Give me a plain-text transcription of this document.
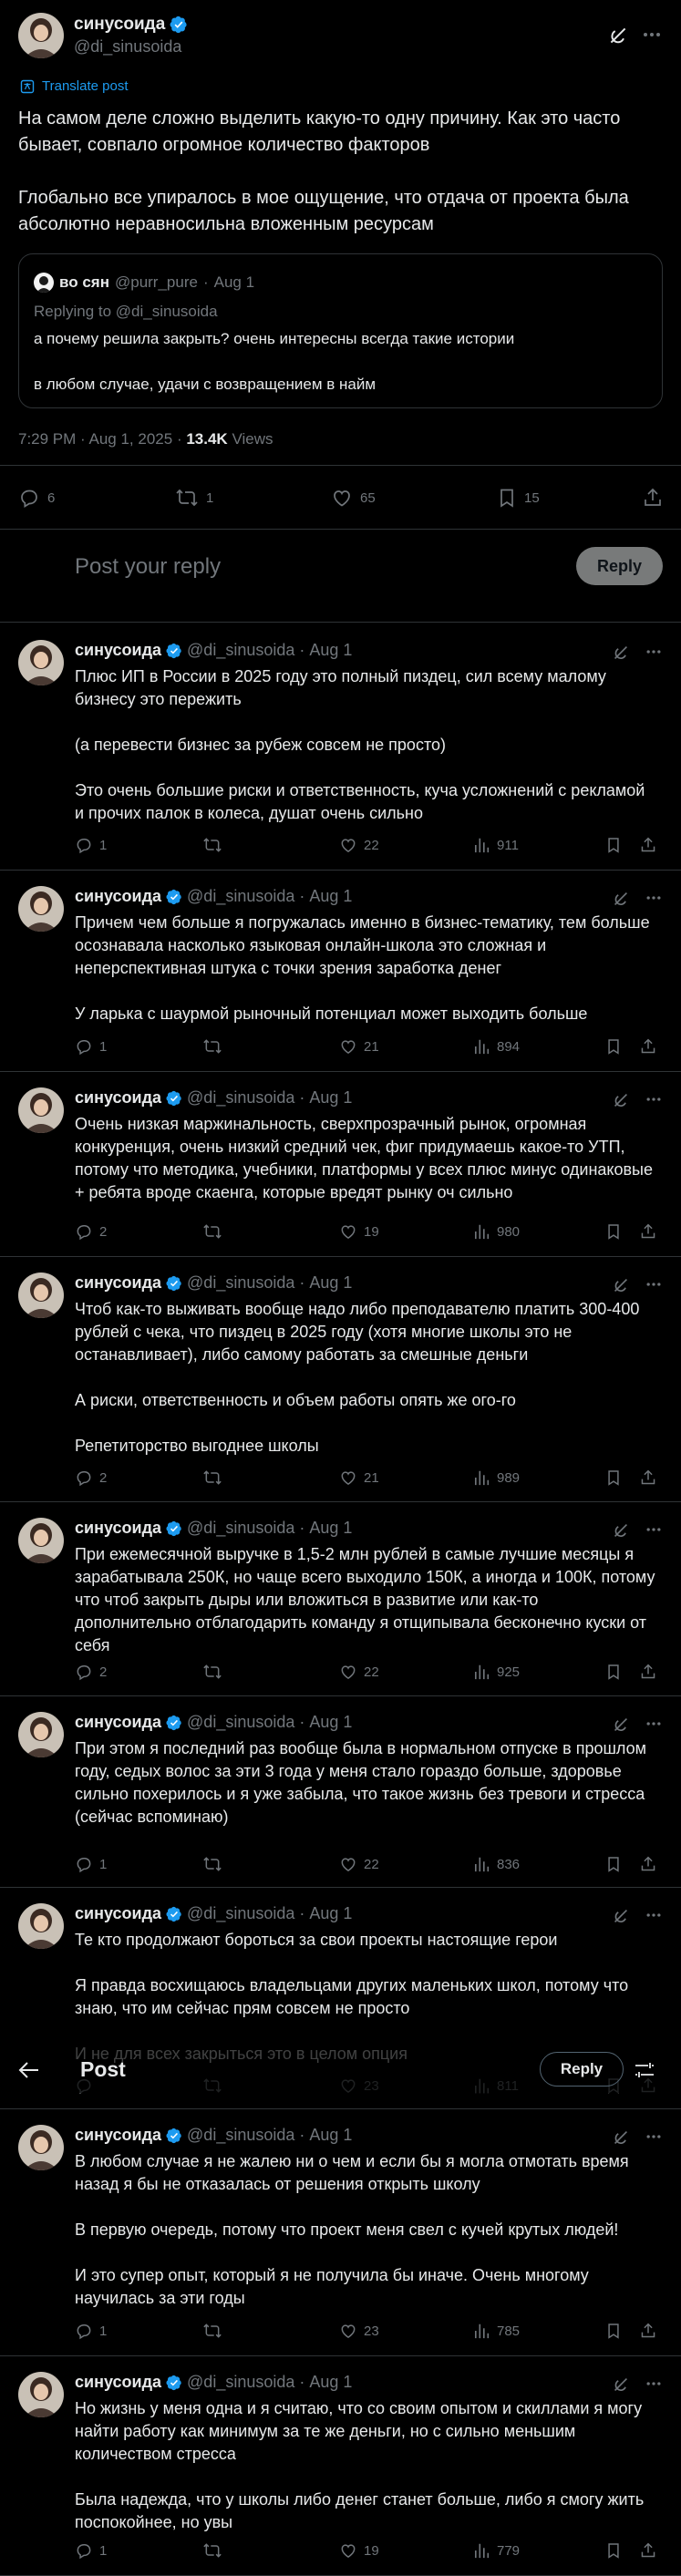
синусоида
@di_sinusoida
Translate post

На самом деле сложно выделить какую-то одну причину. Как это часто бывает, совпало огромное количество факторов

Глобально все упиралось в мое ощущение, что отдача от проекта была абсолютно неравносильна вложенным ресурсам

во сян @purr_pure · Aug 1
Replying to @di_sinusoida

а почему решила закрыть? очень интересны всегда такие истории

в любом случае, удачи с возвращением в найм

7:29 PM · Aug 1, 2025 · 13.4K Views
6	1	65	15
Post your reply	Reply
синусоида @di_sinusoida · Aug 1

Плюс ИП в России в 2025 году это полный пиздец, сил всему малому бизнесу это пережить

(а перевести бизнес за рубеж совсем не просто)

Это очень большие риски и ответственность, куча усложнений с рекламой и прочих палок в колеса, душат очень сильно

1	22	911
синусоида @di_sinusoida · Aug 1

Причем чем больше я погружалась именно в бизнес-тематику, тем больше осознавала насколько языковая онлайн-школа это сложная и неперспективная штука с точки зрения заработка денег

У ларька с шаурмой рыночный потенциал может выходить больше

1	21	894
синусоида @di_sinusoida · Aug 1

Очень низкая маржинальность, сверхпрозрачный рынок, огромная конкуренция, очень низкий средний чек, фиг придумаешь какое-то УТП, потому что методика, учебники, платформы у всех плюс минус одинаковые + ребята вроде скаенга, которые вредят рынку оч сильно

2	19	980
синусоида @di_sinusoida · Aug 1

Чтоб как-то выживать вообще надо либо преподавателю платить 300-400 рублей с чека, что пиздец в 2025 году (хотя многие школы это не останавливает), либо самому работать за смешные деньги

А риски, ответственность и объем работы опять же ого-го

Репетиторство выгоднее школы

2	21	989
синусоида @di_sinusoida · Aug 1

При ежемесячной выручке в 1,5-2 млн рублей в самые лучшие месяцы я зарабатывала 250К, но чаще всего выходило 150К, а иногда и 100К, потому что чтоб закрыть дыры или вложиться в развитие или как-то дополнительно отблагодарить команду я отщипывала бесконечно куски от себя

2	22	925
синусоида @di_sinusoida · Aug 1

При этом я последний раз вообще была в нормальном отпуске в прошлом году, седых волос за эти 3 года у меня стало гораздо больше, здоровье сильно похерилось и я уже забыла, что такое жизнь без тревоги и стресса (сейчас вспоминаю)

1	22	836
синусоида @di_sinusoida · Aug 1

Те кто продолжают бороться за свои проекты настоящие герои

Я правда восхищаюсь владельцами других маленьких школ, потому что знаю, что им сейчас прям совсем не просто

синусоида @di_sinusoida · Aug 1

В любом случае я не жалею ни о чем и если бы я могла отмотать время назад я бы не отказалась от решения открыть школу

В первую очередь, потому что проект меня свел с кучей крутых людей!

И это супер опыт, который я не получила бы иначе. Очень многому научилась за эти годы

1	23	785
синусоида @di_sinusoida · Aug 1

Но жизнь у меня одна и я считаю, что со своим опытом и скиллами я могу найти работу как минимум за те же деньги, но с сильно меньшим количеством стресса

Была надежда, что у школы либо денег станет больше, либо я смогу жить поспокойнее, но увы

1	19	779
Post	Reply
